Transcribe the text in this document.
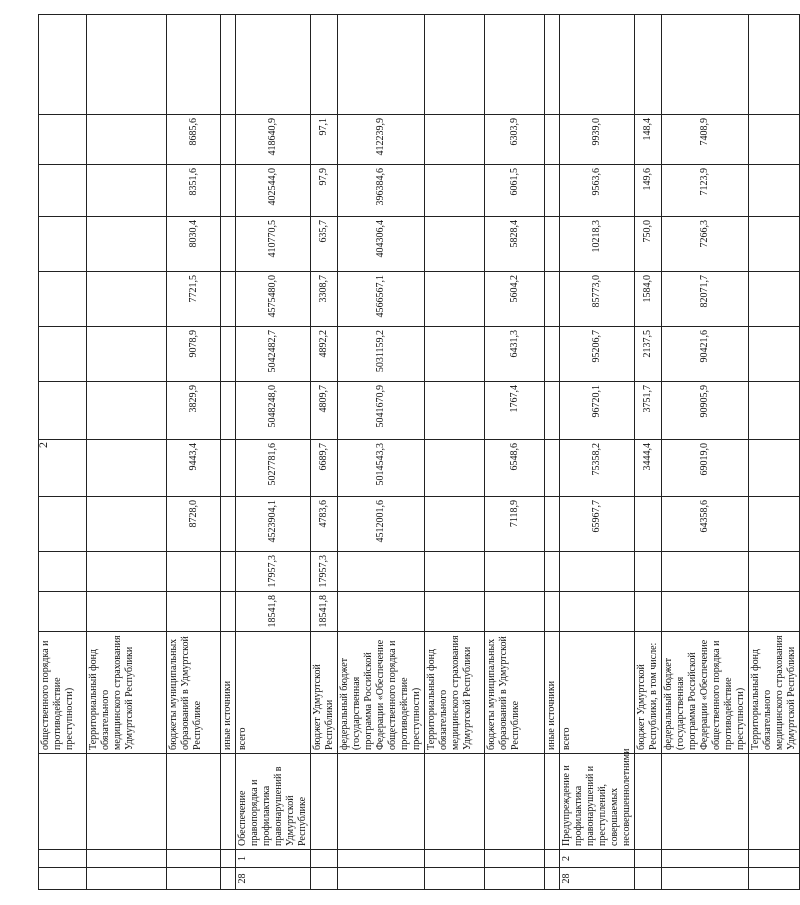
2
			общественного порядка и противодействие преступности)											
			Территориальный фонд обязательного медицинского страхования Удмуртской Республики											
			бюджеты муниципальных образований в Удмуртской Республике			8728,0	9443,4	3829,9	9078,9	7721,5	8030,4	8351,6	8685,6	
			иные источники											
28	1	Обеспечение правопорядка и профилактика правонарушений в Удмуртской Республике	всего	18541,8	17957,3	4523904,1	5027781,6	5048248,0	5042482,7	4575480,0	410770,5	402544,0	418640,9	
			бюджет Удмуртской Республики	18541,8	17957,3	4783,6	6689,7	4809,7	4892,2	3308,7	635,7	97,9	97,1	
			федеральный бюджет (государственная программа Российской Федерации «Обеспечение общественного порядка и противодействие преступности)			4512001,6	5014543,3	5041670,9	5031159,2	4566567,1	404306,4	396384,6	412239,9	
			Территориальный фонд обязательного медицинского страхования Удмуртской Республики											
			бюджеты муниципальных образований в Удмуртской Республике			7118,9	6548,6	1767,4	6431,3	5604,2	5828,4	6061,5	6303,9	
			иные источники											
28	2	Предупреждение и профилактика правонарушений и преступлений, совершаемых несовершеннолетними	всего			65967,7	75358,2	96720,1	95206,7	85773,0	10218,3	9563,6	9939,0	
			бюджет Удмуртской Республики, в том числе:				3444,4	3751,7	2137,5	1584,0	750,0	149,6	148,4	
			федеральный бюджет (государственная программа Российской Федерации «Обеспечение общественного порядка и противодействие преступности)			64358,6	69019,0	90905,9	90421,6	82071,7	7266,3	7123,9	7408,9	
			Территориальный фонд обязательного медицинского страхования Удмуртской Республики											
